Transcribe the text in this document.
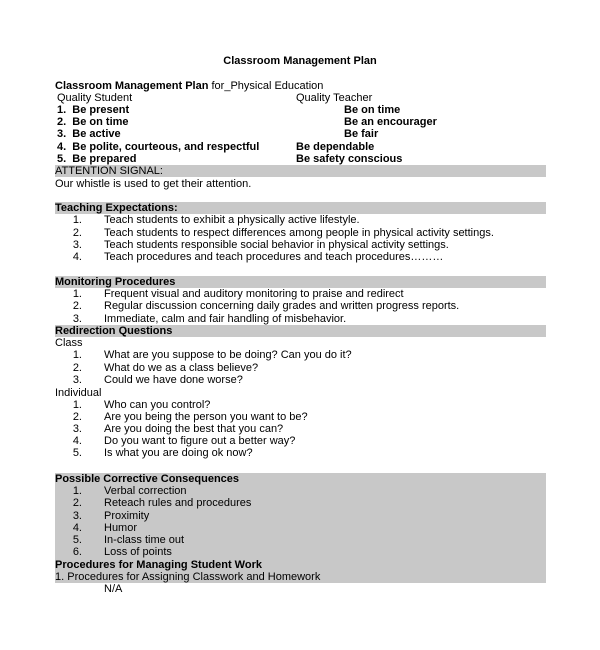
Classroom Management Plan
Classroom Management Plan for_Physical Education
Quality Student	Quality Teacher
1.  Be present
2.  Be on time
3.  Be active
4.  Be polite, courteous, and respectful
5.  Be prepared
Be on time
Be an encourager
Be fair
Be dependable
Be safety conscious
ATTENTION SIGNAL:
Our whistle is used to get their attention.
Teaching Expectations:
1. Teach students to exhibit a physically active lifestyle.
2. Teach students to respect differences among people in physical activity settings.
3. Teach students responsible social behavior in physical activity settings.
4. Teach procedures and teach procedures and teach procedures………
Monitoring Procedures
1. Frequent visual and auditory monitoring to praise and redirect
2. Regular discussion concerning daily grades and written progress reports.
3. Immediate, calm and fair handling of misbehavior.
Redirection Questions
Class
1. What are you suppose to be doing? Can you do it?
2. What do we as a class believe?
3. Could we have done worse?
Individual
1. Who can you control?
2. Are you being the person you want to be?
3. Are you doing the best that you can?
4. Do you want to figure out a better way?
5. Is what you are doing ok now?
Possible Corrective Consequences
1. Verbal correction
2. Reteach rules and procedures
3. Proximity
4. Humor
5. In-class time out
6. Loss of points
Procedures for Managing Student Work
1. Procedures for Assigning Classwork and Homework
N/A
